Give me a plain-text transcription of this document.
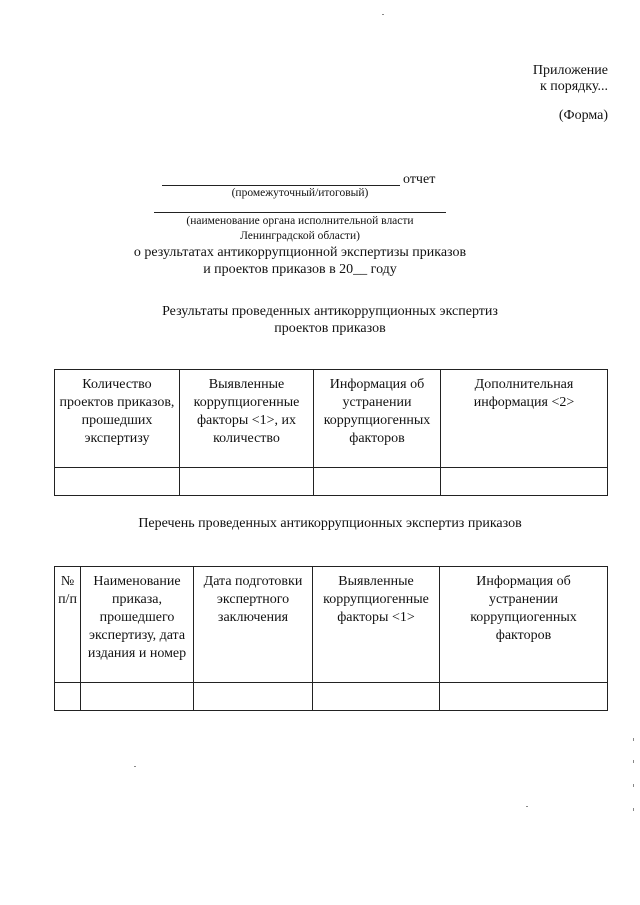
Приложение
к порядку...
(Форма)
отчет
(промежуточный/итоговый)
(наименование органа исполнительной власти
Ленинградской области)
о результатах антикоррупционной экспертизы приказов
и проектов приказов в 20__ году
Результаты проведенных антикоррупционных экспертиз
проектов приказов
Количество проектов приказов, прошедших экспертизу	Выявленные коррупциогенные факторы <1>, их количество	Информация об устранении коррупциогенных факторов	Дополнительная информация <2>

Перечень проведенных антикоррупционных экспертиз приказов
№ п/п	Наименование приказа, прошедшего экспертизу, дата издания и номер	Дата подготовки экспертного заключения	Выявленные коррупциогенные факторы <1>	Информация об устранении коррупциогенных факторов
